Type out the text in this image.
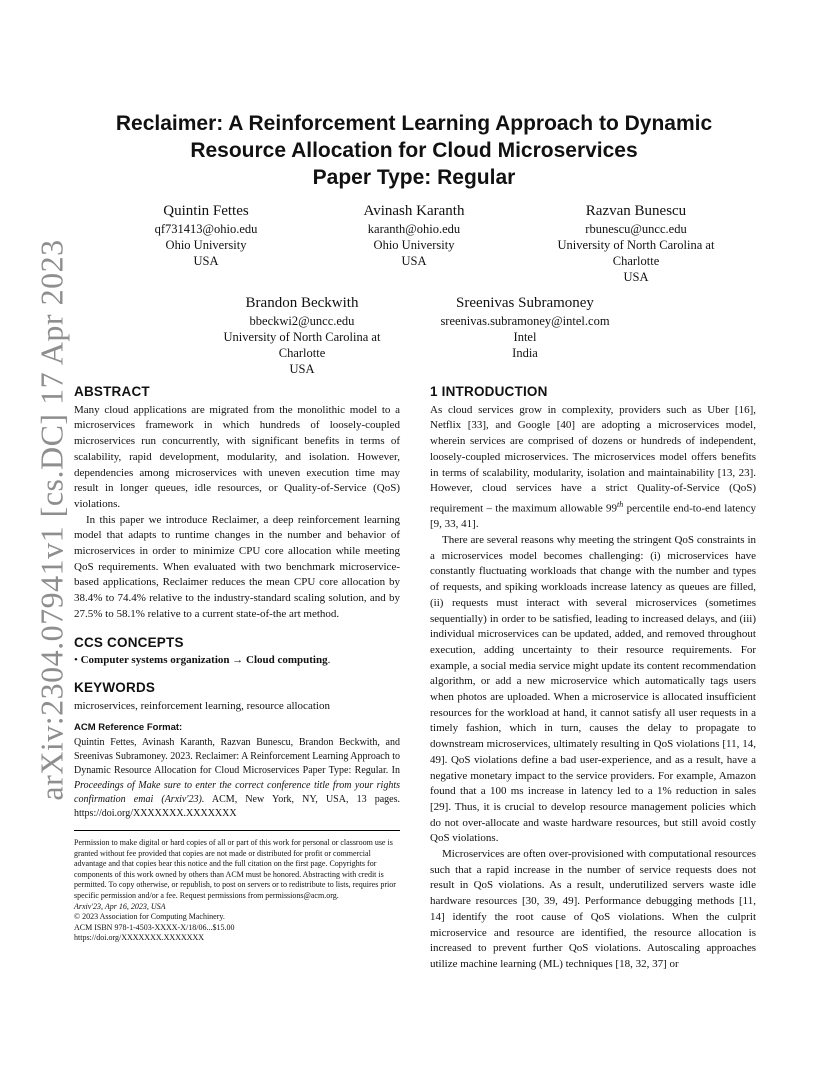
arXiv:2304.07941v1 [cs.DC] 17 Apr 2023
Reclaimer: A Reinforcement Learning Approach to Dynamic
Resource Allocation for Cloud Microservices
Paper Type: Regular
Quintin Fettes
qf731413@ohio.edu
Ohio University
USA
Avinash Karanth
karanth@ohio.edu
Ohio University
USA
Razvan Bunescu
rbunescu@uncc.edu
University of North Carolina at
Charlotte
USA
Brandon Beckwith
bbeckwi2@uncc.edu
University of North Carolina at
Charlotte
USA
Sreenivas Subramoney
sreenivas.subramoney@intel.com
Intel
India
ABSTRACT

Many cloud applications are migrated from the monolithic model to a microservices framework in which hundreds of loosely-coupled microservices run concurrently, with significant benefits in terms of scalability, rapid development, modularity, and isolation. However, dependencies among microservices with uneven execution time may result in longer queues, idle resources, or Quality-of-Service (QoS) violations.

In this paper we introduce Reclaimer, a deep reinforcement learning model that adapts to runtime changes in the number and behavior of microservices in order to minimize CPU core allocation while meeting QoS requirements. When evaluated with two benchmark microservice-based applications, Reclaimer reduces the mean CPU core allocation by 38.4% to 74.4% relative to the industry-standard scaling solution, and by 27.5% to 58.1% relative to a current state-of-the art method.

CCS CONCEPTS

• Computer systems organization → Cloud computing.

KEYWORDS

microservices, reinforcement learning, resource allocation

ACM Reference Format:
Quintin Fettes, Avinash Karanth, Razvan Bunescu, Brandon Beckwith, and Sreenivas Subramoney. 2023. Reclaimer: A Reinforcement Learning Approach to Dynamic Resource Allocation for Cloud Microservices Paper Type: Regular. In Proceedings of Make sure to enter the correct conference title from your rights confirmation emai (Arxiv'23). ACM, New York, NY, USA, 13 pages. https://doi.org/XXXXXXX.XXXXXXX
Permission to make digital or hard copies of all or part of this work for personal or classroom use is granted without fee provided that copies are not made or distributed for profit or commercial advantage and that copies bear this notice and the full citation on the first page. Copyrights for components of this work owned by others than ACM must be honored. Abstracting with credit is permitted. To copy otherwise, or republish, to post on servers or to redistribute to lists, requires prior specific permission and/or a fee. Request permissions from permissions@acm.org.
Arxiv'23, Apr 16, 2023, USA
© 2023 Association for Computing Machinery.
ACM ISBN 978-1-4503-XXXX-X/18/06...$15.00
https://doi.org/XXXXXXX.XXXXXXX
1 INTRODUCTION

As cloud services grow in complexity, providers such as Uber [16], Netflix [33], and Google [40] are adopting a microservices model, wherein services are comprised of dozens or hundreds of independent, loosely-coupled microservices. The microservices model offers benefits in terms of scalability, modularity, isolation and maintainability [13, 23]. However, cloud services have a strict Quality-of-Service (QoS) requirement – the maximum allowable 99th percentile end-to-end latency [9, 33, 41].

There are several reasons why meeting the stringent QoS constraints in a microservices model becomes challenging: (i) microservices have constantly fluctuating workloads that change with the number and types of requests, and spiking workloads increase latency as queues are filled, (ii) requests must interact with several microservices (sometimes sequentially) in order to be satisfied, leading to increased delays, and (iii) individual microservices can be updated, added, and removed throughout execution, adding uncertainty to their resource requirements. For example, a social media service might update its content recommendation algorithm, or add a new microservice which automatically tags users when photos are uploaded. When a microservice is allocated insufficient resources for the workload at hand, it cannot satisfy all user requests in a timely fashion, which in turn, causes the delay to propagate to downstream microservices, ultimately resulting in QoS violations [11, 14, 49]. QoS violations define a bad user-experience, and as a result, have a negative monetary impact to the service providers. For example, Amazon found that a 100 ms increase in latency led to a 1% reduction in sales [29]. Thus, it is crucial to develop resource management policies which do not over-allocate and waste hardware resources, but still avoid costly QoS violations.

Microservices are often over-provisioned with computational resources such that a rapid increase in the number of service requests does not result in QoS violations. As a result, underutilized servers waste idle hardware resources [30, 39, 49]. Performance debugging methods [11, 14] identify the root cause of QoS violations. When the culprit microservice and resource are identified, the resource allocation is increased to prevent further QoS violations. Autoscaling approaches utilize machine learning (ML) techniques [18, 32, 37] or
